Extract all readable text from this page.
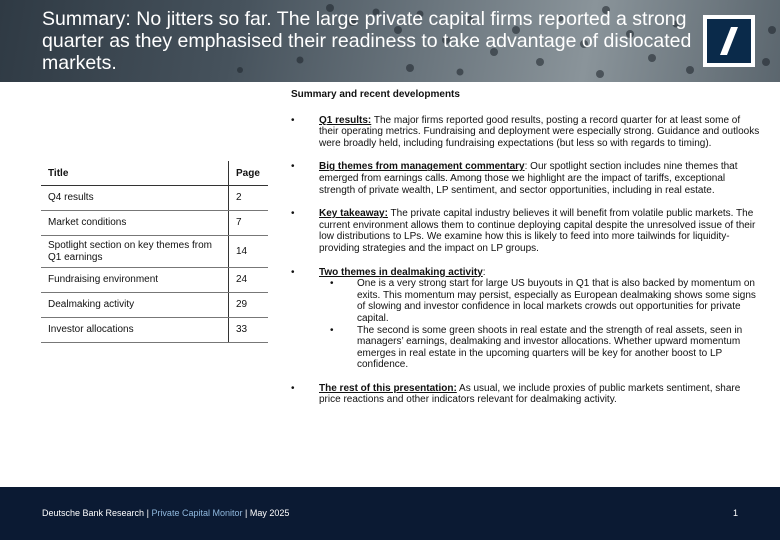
Summary: No jitters so far. The large private capital firms reported a strong quarter as they emphasised their readiness to take advantage of dislocated markets.
Title	Page
Q4 results	2
Market conditions	7
Spotlight section on key themes from Q1 earnings	14
Fundraising environment	24
Dealmaking activity	29
Investor allocations	33

Summary and recent developments

• Q1 results: The major firms reported good results, posting a record quarter for at least some of their operating metrics. Fundraising and deployment were especially strong. Guidance and outlooks were broadly held, including fundraising expectations (but less so with regards to timing).
• Big themes from management commentary: Our spotlight section includes nine themes that emerged from earnings calls. Among those we highlight are the impact of tariffs, exceptional strength of private wealth, LP sentiment, and sector opportunities, including in real estate.
• Key takeaway: The private capital industry believes it will benefit from volatile public markets. The current environment allows them to continue deploying capital despite the unresolved issue of their low distributions to LPs. We examine how this is likely to feed into more tailwinds for liquidity-providing strategies and the impact on LP groups.
• Two themes in dealmaking activity:
• One is a very strong start for large US buyouts in Q1 that is also backed by momentum on exits. This momentum may persist, especially as European dealmaking shows some signs of slowing and investor confidence in local markets crowds out opportunities for private capital.
• The second is some green shoots in real estate and the strength of real assets, seen in managers’ earnings, dealmaking and investor allocations. Whether upward momentum emerges in real estate in the upcoming quarters will be key for another boost to LP confidence.
• The rest of this presentation: As usual, we include proxies of public markets sentiment, share price reactions and other indicators relevant for dealmaking activity.
Deutsche Bank Research | Private Capital Monitor | May 2025	1
